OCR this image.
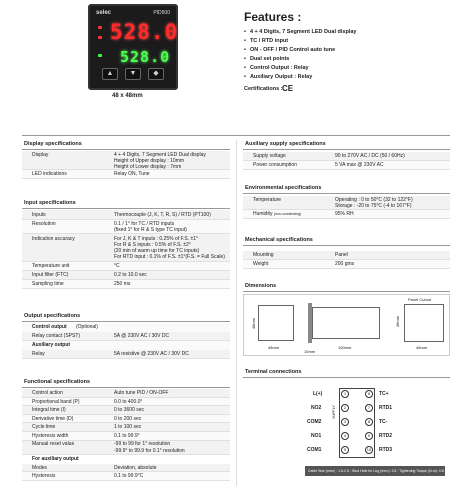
selec	PID500
528.0
528.0
▲	▼	◆
48 x 48mm
Features :
• 4 + 4 Digits, 7 Segment LED Dual display
• TC / RTD input
• ON - OFF / PID Control auto tune
• Dual set points
• Control Output : Relay
• Auxiliary Output : Relay
Certifications : CE
Display specifications
Display	4 + 4 Digits, 7 Segment LED Dual display
Height of Upper display : 10mm
Height of Lower display : 7mm
LED indications	Relay ON, Tune
Input specifications
Inputs	Thermocouple (J, K, T, R, S) / RTD (PT100)
Resolution	0.1 / 1° for TC / RTD inputs
(fixed 1° for R & S type TC input)
Indication accuracy	For J, K & T inputs : 0.25% of F.S. ±1°
For R & S inputs : 0.5% of F.S. ±2°
(20 min of warm up time for TC inputs)
For RTD input : 0.1% of F.S. ±1°(F.S. = Full Scale)
Temperature unit	°C
Input filter (FTC)	0.2 to 10.0 sec
Sampling time	250 ms
Output specifications
Control output (Optional)
Relay contact (SPST)	5A @ 230V AC / 30V DC
Auxiliary output
Relay	5A resistive @ 230V AC / 30V DC
Functional specifications
Control action	Auto tune PID / ON-OFF
Proportional band (P)	0.0 to 400.0°
Integral time (I)	0 to 3600 sec
Derivative time (D)	0 to 200 sec
Cycle time	1 to 100 sec
Hysteresis width	0.1 to 99.9°
Manual reset value	-99 to 99 for 1° resolution
-99.9° to 99.9 for 0.1° resolution
For auxiliary output
Modes	Deviation, absolute
Hysteresis	0.1 to 99.9°C
Auxiliary supply specifications
Supply voltage	90 to 270V AC / DC (50 / 60Hz)
Power consumption	5 VA max @ 230V AC
Environmental specifications
Temperature	Operating : 0 to 50°C (32 to 122°F)
Storage : -20 to 75°C (-4 to 167°F)
Humidity (non-condensing)	95% RH
Mechanical specifications
Mounting	Panel
Weight	200 gms
Dimensions
48mm
48mm	100mm
10mm
Panel Cutout
46mm
46mm
Terminal connections
1
2
3
4
5
6
7
8
9
10
L(+)
NO2
COM2
NO1
COM1
TC+
RTD1
TC-
RTD2
RTD3
SUPPLY
Cable Size (mm²) : 1.5-2.5 ; Stud Hole for Lug (mm²): 3.5 ; Tightening Torque (N-m): 0.8
